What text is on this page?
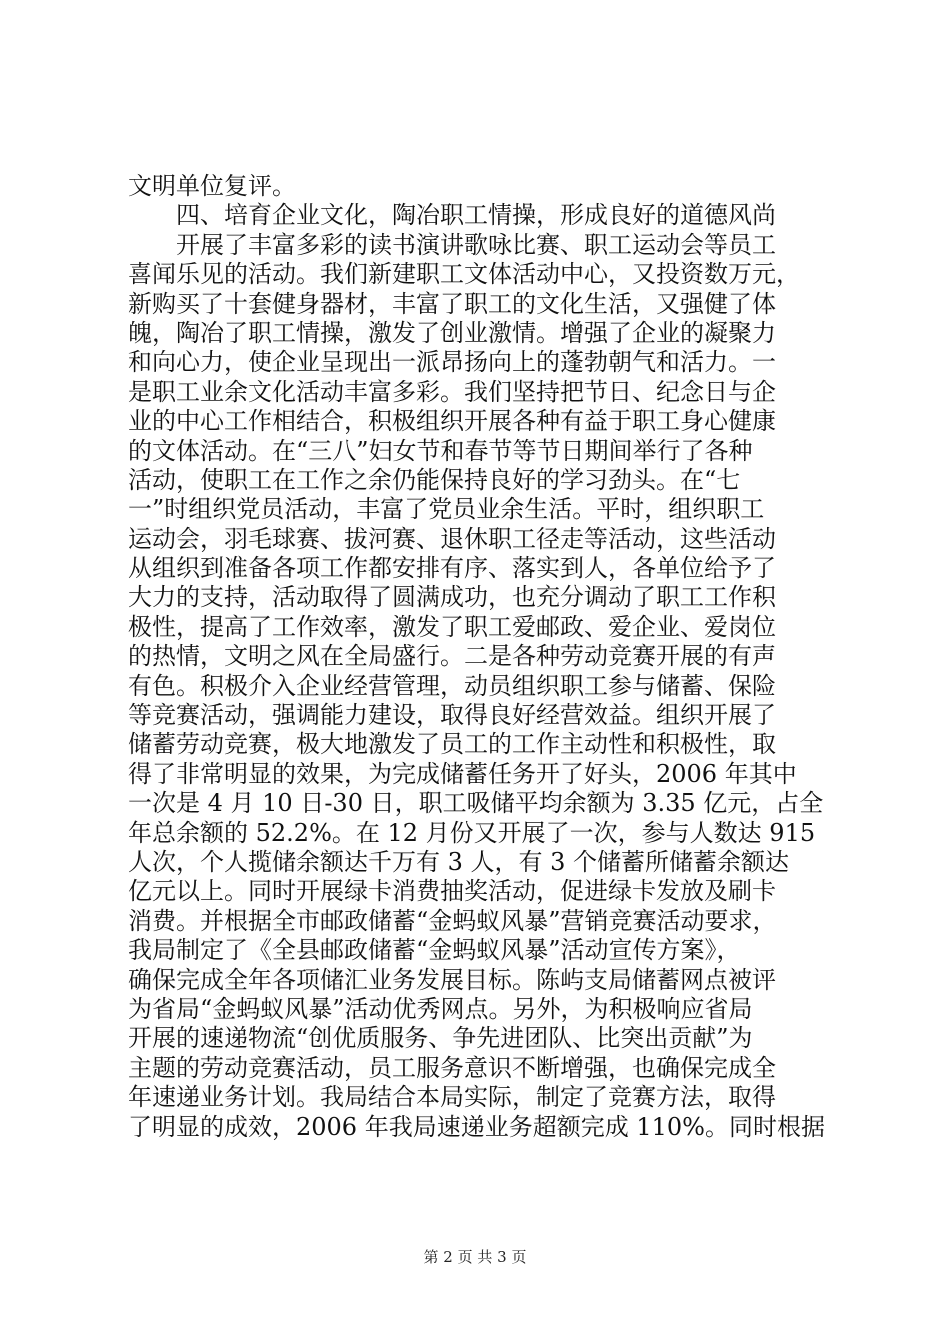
文明单位复评。
　　四、培育企业文化，陶冶职工情操，形成良好的道德风尚
　　开展了丰富多彩的读书演讲歌咏比赛、职工运动会等员工
喜闻乐见的活动。我们新建职工文体活动中心，又投资数万元，
新购买了十套健身器材，丰富了职工的文化生活，又强健了体
魄，陶冶了职工情操，激发了创业激情。增强了企业的凝聚力
和向心力，使企业呈现出一派昂扬向上的蓬勃朝气和活力。一
是职工业余文化活动丰富多彩。我们坚持把节日、纪念日与企
业的中心工作相结合，积极组织开展各种有益于职工身心健康
的文体活动。在“三八”妇女节和春节等节日期间举行了各种
活动，使职工在工作之余仍能保持良好的学习劲头。在“七
一”时组织党员活动，丰富了党员业余生活。平时，组织职工
运动会，羽毛球赛、拔河赛、退休职工径走等活动，这些活动
从组织到准备各项工作都安排有序、落实到人，各单位给予了
大力的支持，活动取得了圆满成功，也充分调动了职工工作积
极性，提高了工作效率，激发了职工爱邮政、爱企业、爱岗位
的热情，文明之风在全局盛行。二是各种劳动竞赛开展的有声
有色。积极介入企业经营管理，动员组织职工参与储蓄、保险
等竞赛活动，强调能力建设，取得良好经营效益。组织开展了
储蓄劳动竞赛，极大地激发了员工的工作主动性和积极性，取
得了非常明显的效果，为完成储蓄任务开了好头，2006 年其中
一次是 4 月 10 日-30 日，职工吸储平均余额为 3.35 亿元，占全
年总余额的 52.2%。在 12 月份又开展了一次，参与人数达 915
人次，个人揽储余额达千万有 3 人，有 3 个储蓄所储蓄余额达
亿元以上。同时开展绿卡消费抽奖活动，促进绿卡发放及刷卡
消费。并根据全市邮政储蓄“金蚂蚁风暴”营销竞赛活动要求，
我局制定了《全县邮政储蓄“金蚂蚁风暴”活动宣传方案》，
确保完成全年各项储汇业务发展目标。陈屿支局储蓄网点被评
为省局“金蚂蚁风暴”活动优秀网点。另外，为积极响应省局
开展的速递物流“创优质服务、争先进团队、比突出贡献”为
主题的劳动竞赛活动，员工服务意识不断增强，也确保完成全
年速递业务计划。我局结合本局实际，制定了竞赛方法，取得
了明显的成效，2006 年我局速递业务超额完成 110%。同时根据
第 2 页 共 3 页
